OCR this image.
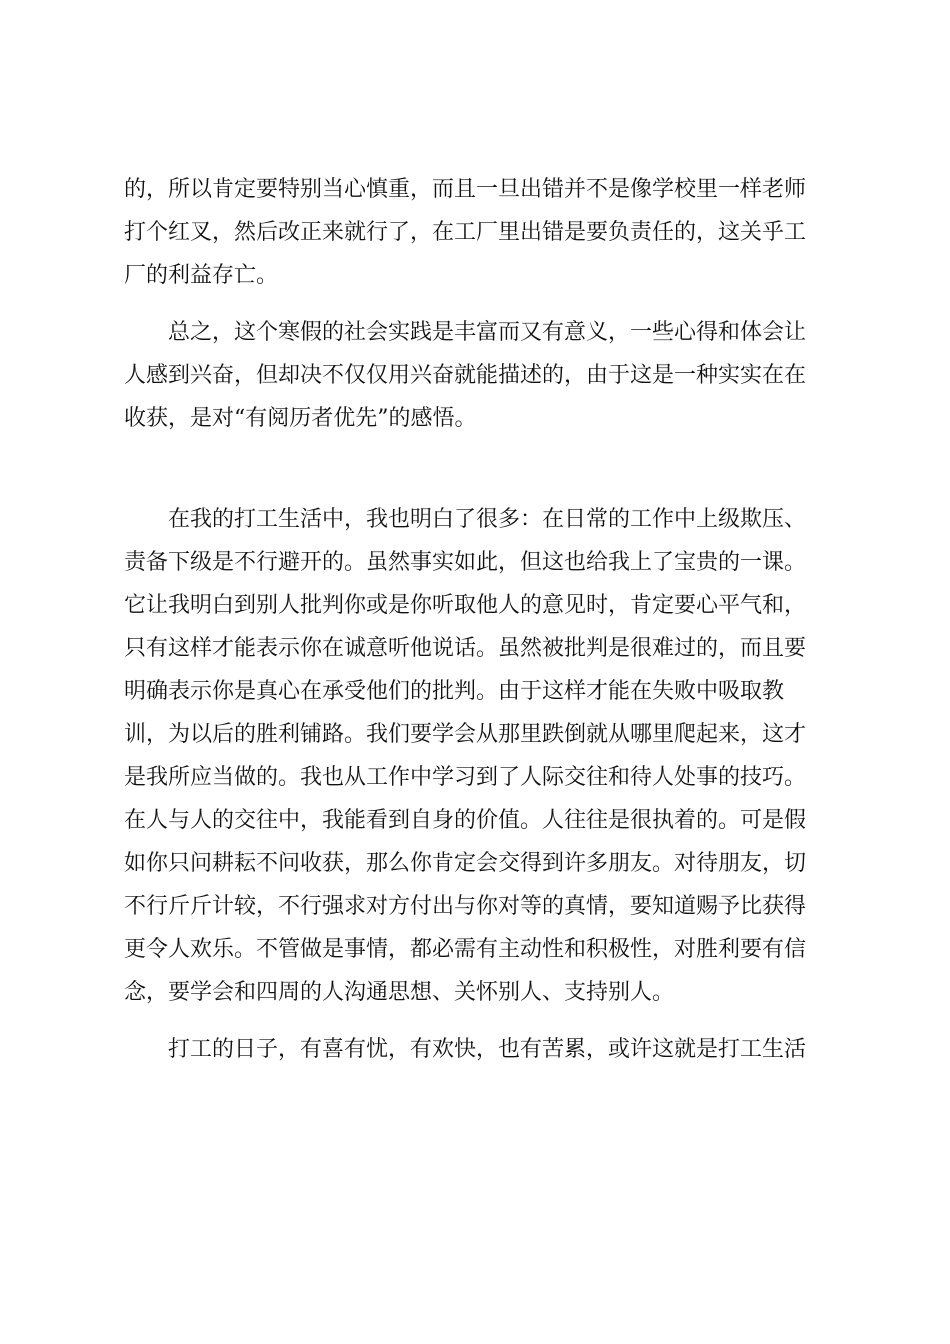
的，所以肯定要特别当心慎重，而且一旦出错并不是像学校里一样老师
打个红叉，然后改正来就行了，在工厂里出错是要负责任的，这关乎工
厂的利益存亡。

总之，这个寒假的社会实践是丰富而又有意义，一些心得和体会让
人感到兴奋，但却决不仅仅用兴奋就能描述的，由于这是一种实实在在
收获，是对“有阅历者优先”的感悟。

在我的打工生活中，我也明白了很多：在日常的工作中上级欺压、
责备下级是不行避开的。虽然事实如此，但这也给我上了宝贵的一课。
它让我明白到别人批判你或是你听取他人的意见时，肯定要心平气和，
只有这样才能表示你在诚意听他说话。虽然被批判是很难过的，而且要
明确表示你是真心在承受他们的批判。由于这样才能在失败中吸取教
训，为以后的胜利铺路。我们要学会从那里跌倒就从哪里爬起来，这才
是我所应当做的。我也从工作中学习到了人际交往和待人处事的技巧。
在人与人的交往中，我能看到自身的价值。人往往是很执着的。可是假
如你只问耕耘不问收获，那么你肯定会交得到许多朋友。对待朋友，切
不行斤斤计较，不行强求对方付出与你对等的真情，要知道赐予比获得
更令人欢乐。不管做是事情，都必需有主动性和积极性，对胜利要有信
念，要学会和四周的人沟通思想、关怀别人、支持别人。

打工的日子，有喜有忧，有欢快，也有苦累，或许这就是打工生活
